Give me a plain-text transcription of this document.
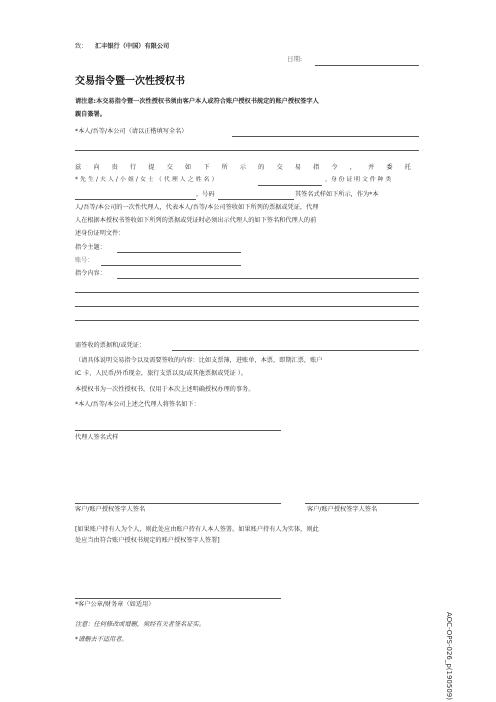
致： 汇丰银行（中国）有限公司
日期:
交易指令暨一次性授权书
请注意:本交易指令暨一次性授权书须由客户本人或符合账户授权书规定的账户授权签字人
親自簽署。
*本人/吾等/本公司（请以正楷填写全名）
兹 向 贵 行 提 交 如 下 所 示 的 交 易 指 令 ， 并 委 托
* 先 生 / 夫 人 / 小 姐 / 女 士 （ 代 理 人 之 姓 名 ）	，身 份 证 明 文 件 种 类
，号码	其签名式样如下所示，作为*本
人/吾等/本公司的一次性代理人，代表本人/吾等/本公司签收如下所列的票据或凭证，代理
人在根据本授权书签收如下所列的票据或凭证时必须出示代理人的如下签名和代理人的前
述身份证明文件：
指令主题：
账号：
指令内容：
需签收的票据和/或凭证：
（请具体说明交易指令以及需要签收的内容：比如支票簿，进账单，本票，即期汇票，账户
IC 卡，人民币/外币现金，旅行支票以及/或其他票据或凭证 ）。
本授权书为一次性授权书，仅用于本次上述明确授权办理的事务。
*本人/吾等/本公司上述之代理人将签名如下：
代理人签名式样
客户/账户授权签字人签名	客户/账户授权签字人签名
[如果账户持有人为个人，则此处应由账户持有人本人签署。如果账户持有人为实体，则此
处应当由符合账户授权书规定的账户授权签字人签署]
*客户公章/财务章（如适用）
注意：任何修改或增删，须经有关者签名证实。
*请删去不适用者。	AOC-OPS-026_p(190509)
